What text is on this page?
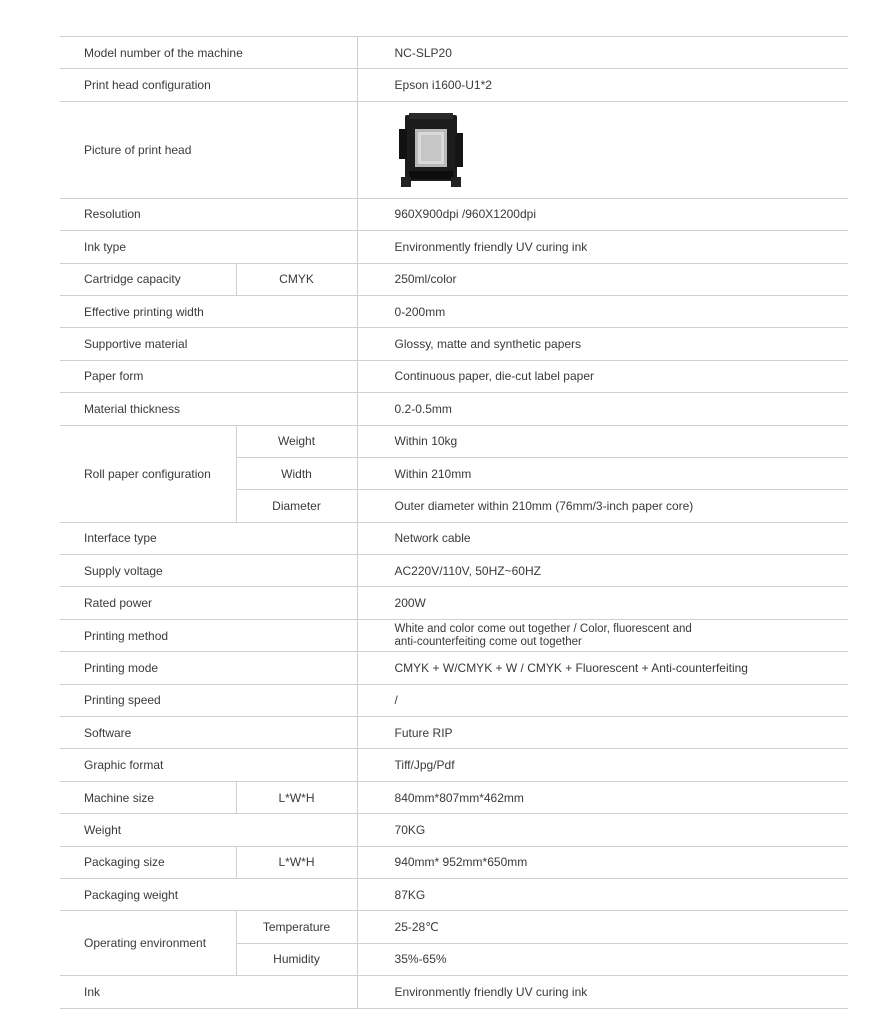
Model number of the machine		NC-SLP20
Print head configuration		Epson i1600-U1*2
Picture of print head	

Resolution		960X900dpi /960X1200dpi
Ink type		Environmently friendly UV curing ink
Cartridge capacity	CMYK	250ml/color
Effective printing width		0-200mm
Supportive material		Glossy, matte and synthetic papers
Paper form		Continuous paper, die-cut label paper
Material thickness		0.2-0.5mm
Roll paper configuration	Weight	Within 10kg
	Width	Within 210mm
	Diameter	Outer diameter within 210mm (76mm/3-inch paper core)
Interface type		Network cable
Supply voltage		AC220V/110V, 50HZ~60HZ
Rated power		200W
Printing method		White and color come out together / Color, fluorescent and
anti-counterfeiting come out together

Printing mode		CMYK + W/CMYK + W / CMYK + Fluorescent + Anti-counterfeiting
Printing speed		/
Software		Future RIP
Graphic format		Tiff/Jpg/Pdf
Machine size	L*W*H	840mm*807mm*462mm
Weight		70KG
Packaging size	L*W*H	940mm* 952mm*650mm
Packaging weight		87KG
Operating environment	Temperature	25-28℃
	Humidity	35%-65%
Ink		Environmently friendly UV curing ink
